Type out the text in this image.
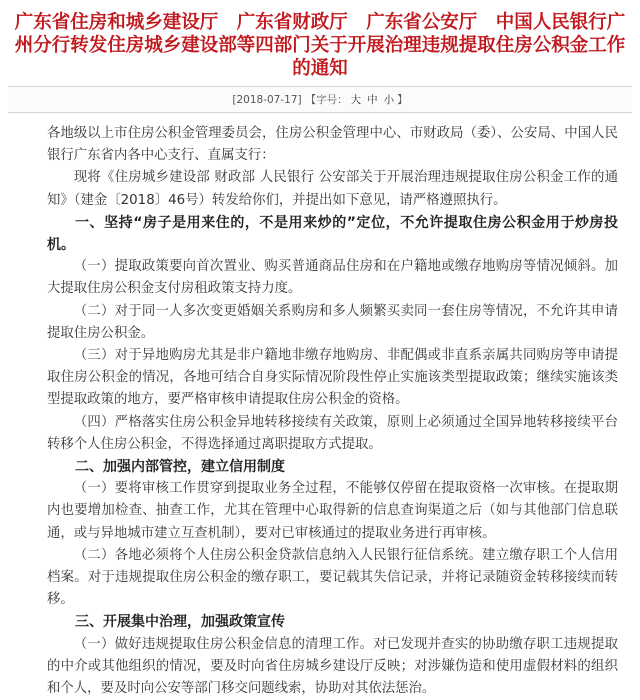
广东省住房和城乡建设厅　广东省财政厅　广东省公安厅　中国人民银行广州分行转发住房城乡建设部等四部门关于开展治理违规提取住房公积金工作的通知
[2018-07-17] 【字号： 大 中 小 】

各地级以上市住房公积金管理委员会，住房公积金管理中心、市财政局（委）、公安局、中国人民银行广东省内各中心支行、直属支行：

现将《住房城乡建设部 财政部 人民银行 公安部关于开展治理违规提取住房公积金工作的通知》（建金〔2018〕46号）转发给你们，并提出如下意见，请严格遵照执行。

一、坚持“房子是用来住的，不是用来炒的”定位，不允许提取住房公积金用于炒房投机。

（一）提取政策要向首次置业、购买普通商品住房和在户籍地或缴存地购房等情况倾斜。加大提取住房公积金支付房租政策支持力度。

（二）对于同一人多次变更婚姻关系购房和多人频繁买卖同一套住房等情况，不允许其申请提取住房公积金。

（三）对于异地购房尤其是非户籍地非缴存地购房、非配偶或非直系亲属共同购房等申请提取住房公积金的情况，各地可结合自身实际情况阶段性停止实施该类型提取政策；继续实施该类型提取政策的地方，要严格审核申请提取住房公积金的资格。

（四）严格落实住房公积金异地转移接续有关政策，原则上必须通过全国异地转移接续平台转移个人住房公积金，不得选择通过离职提取方式提取。

二、加强内部管控，建立信用制度

（一）要将审核工作贯穿到提取业务全过程，不能够仅停留在提取资格一次审核。在提取期内也要增加检查、抽查工作，尤其在管理中心取得新的信息查询渠道之后（如与其他部门信息联通，或与异地城市建立互查机制），要对已审核通过的提取业务进行再审核。

（二）各地必须将个人住房公积金贷款信息纳入人民银行征信系统。建立缴存职工个人信用档案。对于违规提取住房公积金的缴存职工，要记载其失信记录，并将记录随资金转移接续而转移。

三、开展集中治理，加强政策宣传

（一）做好违规提取住房公积金信息的清理工作。对已发现并查实的协助缴存职工违规提取的中介或其他组织的情况，要及时向省住房城乡建设厅反映；对涉嫌伪造和使用虚假材料的组织和个人，要及时向公安等部门移交问题线索，协助对其依法惩治。
